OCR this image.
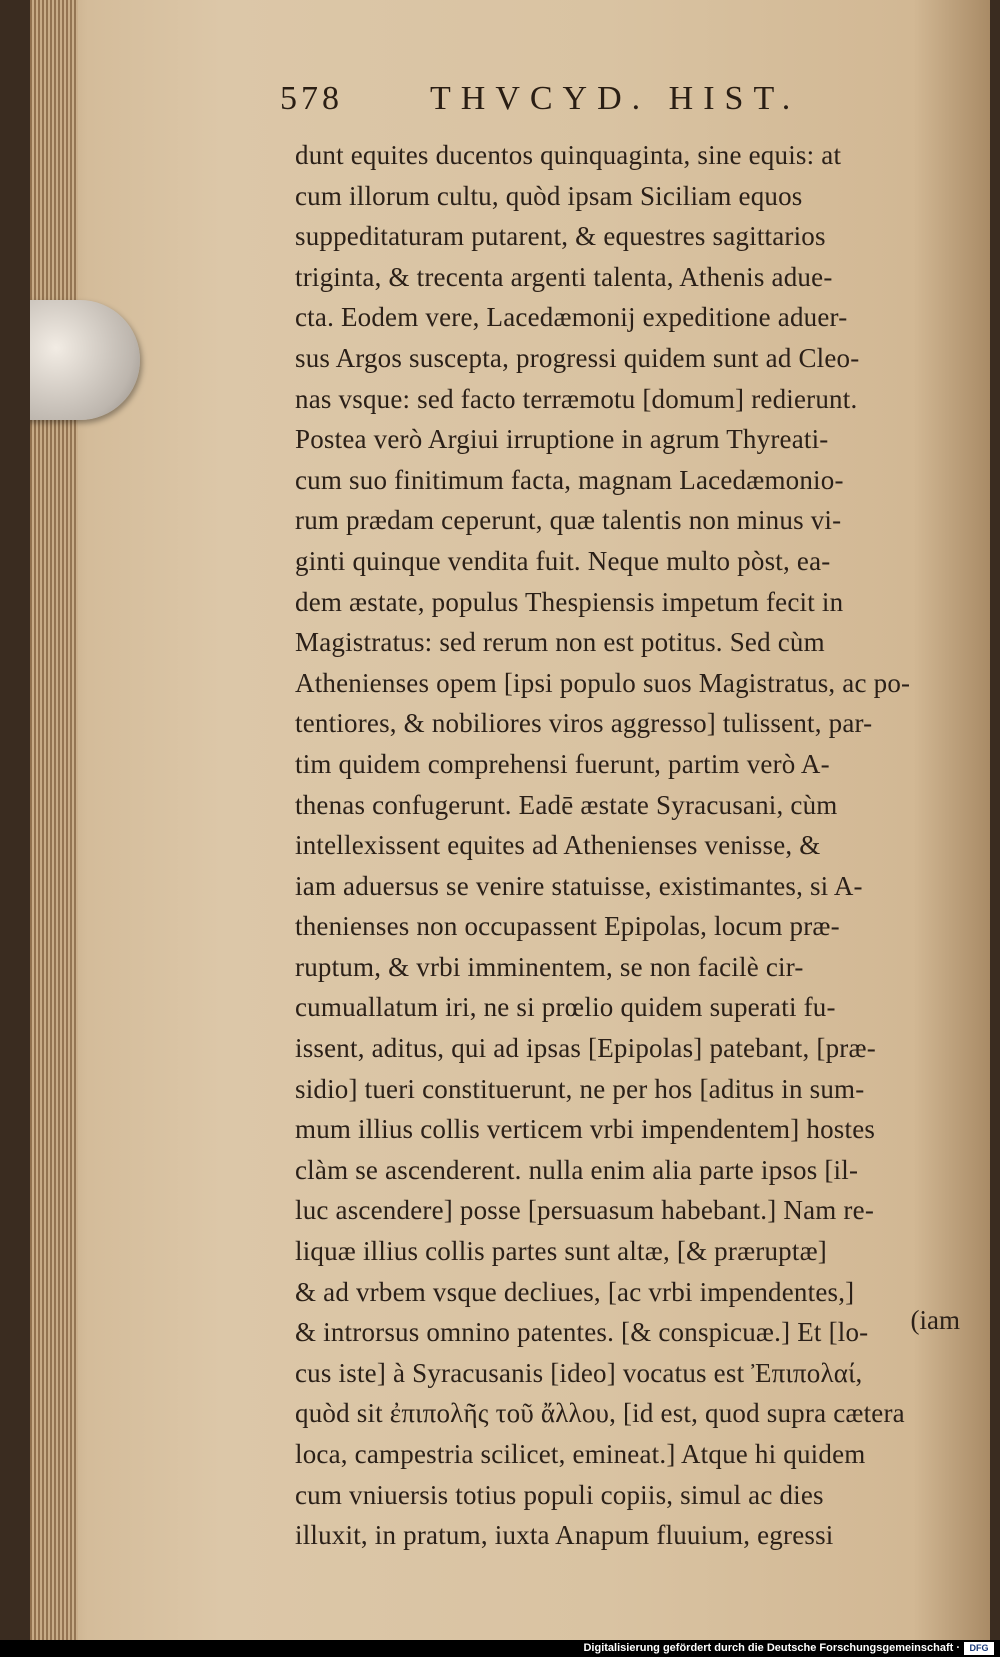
578	THVCYD. HIST.
dunt equites ducentos quinquaginta, sine equis: at
cum illorum cultu, quòd ipsam Siciliam equos
suppeditaturam putarent, & equestres sagittarios
triginta, & trecenta argenti talenta, Athenis adue-
cta. Eodem vere, Lacedæmonij expeditione aduer-
sus Argos suscepta, progressi quidem sunt ad Cleo-
nas vsque: sed facto terræmotu [domum] redierunt.
Postea verò Argiui irruptione in agrum Thyreati-
cum suo finitimum facta, magnam Lacedæmonio-
rum prædam ceperunt, quæ talentis non minus vi-
ginti quinque vendita fuit. Neque multo pòst, ea-
dem æstate, populus Thespiensis impetum fecit in
Magistratus: sed rerum non est potitus. Sed cùm
Athenienses opem [ipsi populo suos Magistratus, ac po-
tentiores, & nobiliores viros aggresso] tulissent, par-
tim quidem comprehensi fuerunt, partim verò A-
thenas confugerunt. Eadē æstate Syracusani, cùm
intellexissent equites ad Athenienses venisse, &
iam aduersus se venire statuisse, existimantes, si A-
thenienses non occupassent Epipolas, locum præ-
ruptum, & vrbi imminentem, se non facilè cir-
cumuallatum iri, ne si prœlio quidem superati fu-
issent, aditus, qui ad ipsas [Epipolas] patebant, [præ-
sidio] tueri constituerunt, ne per hos [aditus in sum-
mum illius collis verticem vrbi impendentem] hostes
clàm se ascenderent. nulla enim alia parte ipsos [il-
luc ascendere] posse [persuasum habebant.] Nam re-
liquæ illius collis partes sunt altæ, [& præruptæ]
& ad vrbem vsque decliues, [ac vrbi impendentes,]
& introrsus omnino patentes. [& conspicuæ.] Et [lo-
cus iste] à Syracusanis [ideo] vocatus est Ἐπιπολαί,
quòd sit ἐπιπολῆς τοῦ ἄλλου, [id est, quod supra cætera
loca, campestria scilicet, emineat.] Atque hi quidem
cum vniuersis totius populi copiis, simul ac dies
illuxit, in pratum, iuxta Anapum fluuium, egressi
(iam
Digitalisierung gefördert durch die Deutsche Forschungsgemeinschaft ·	DFG
